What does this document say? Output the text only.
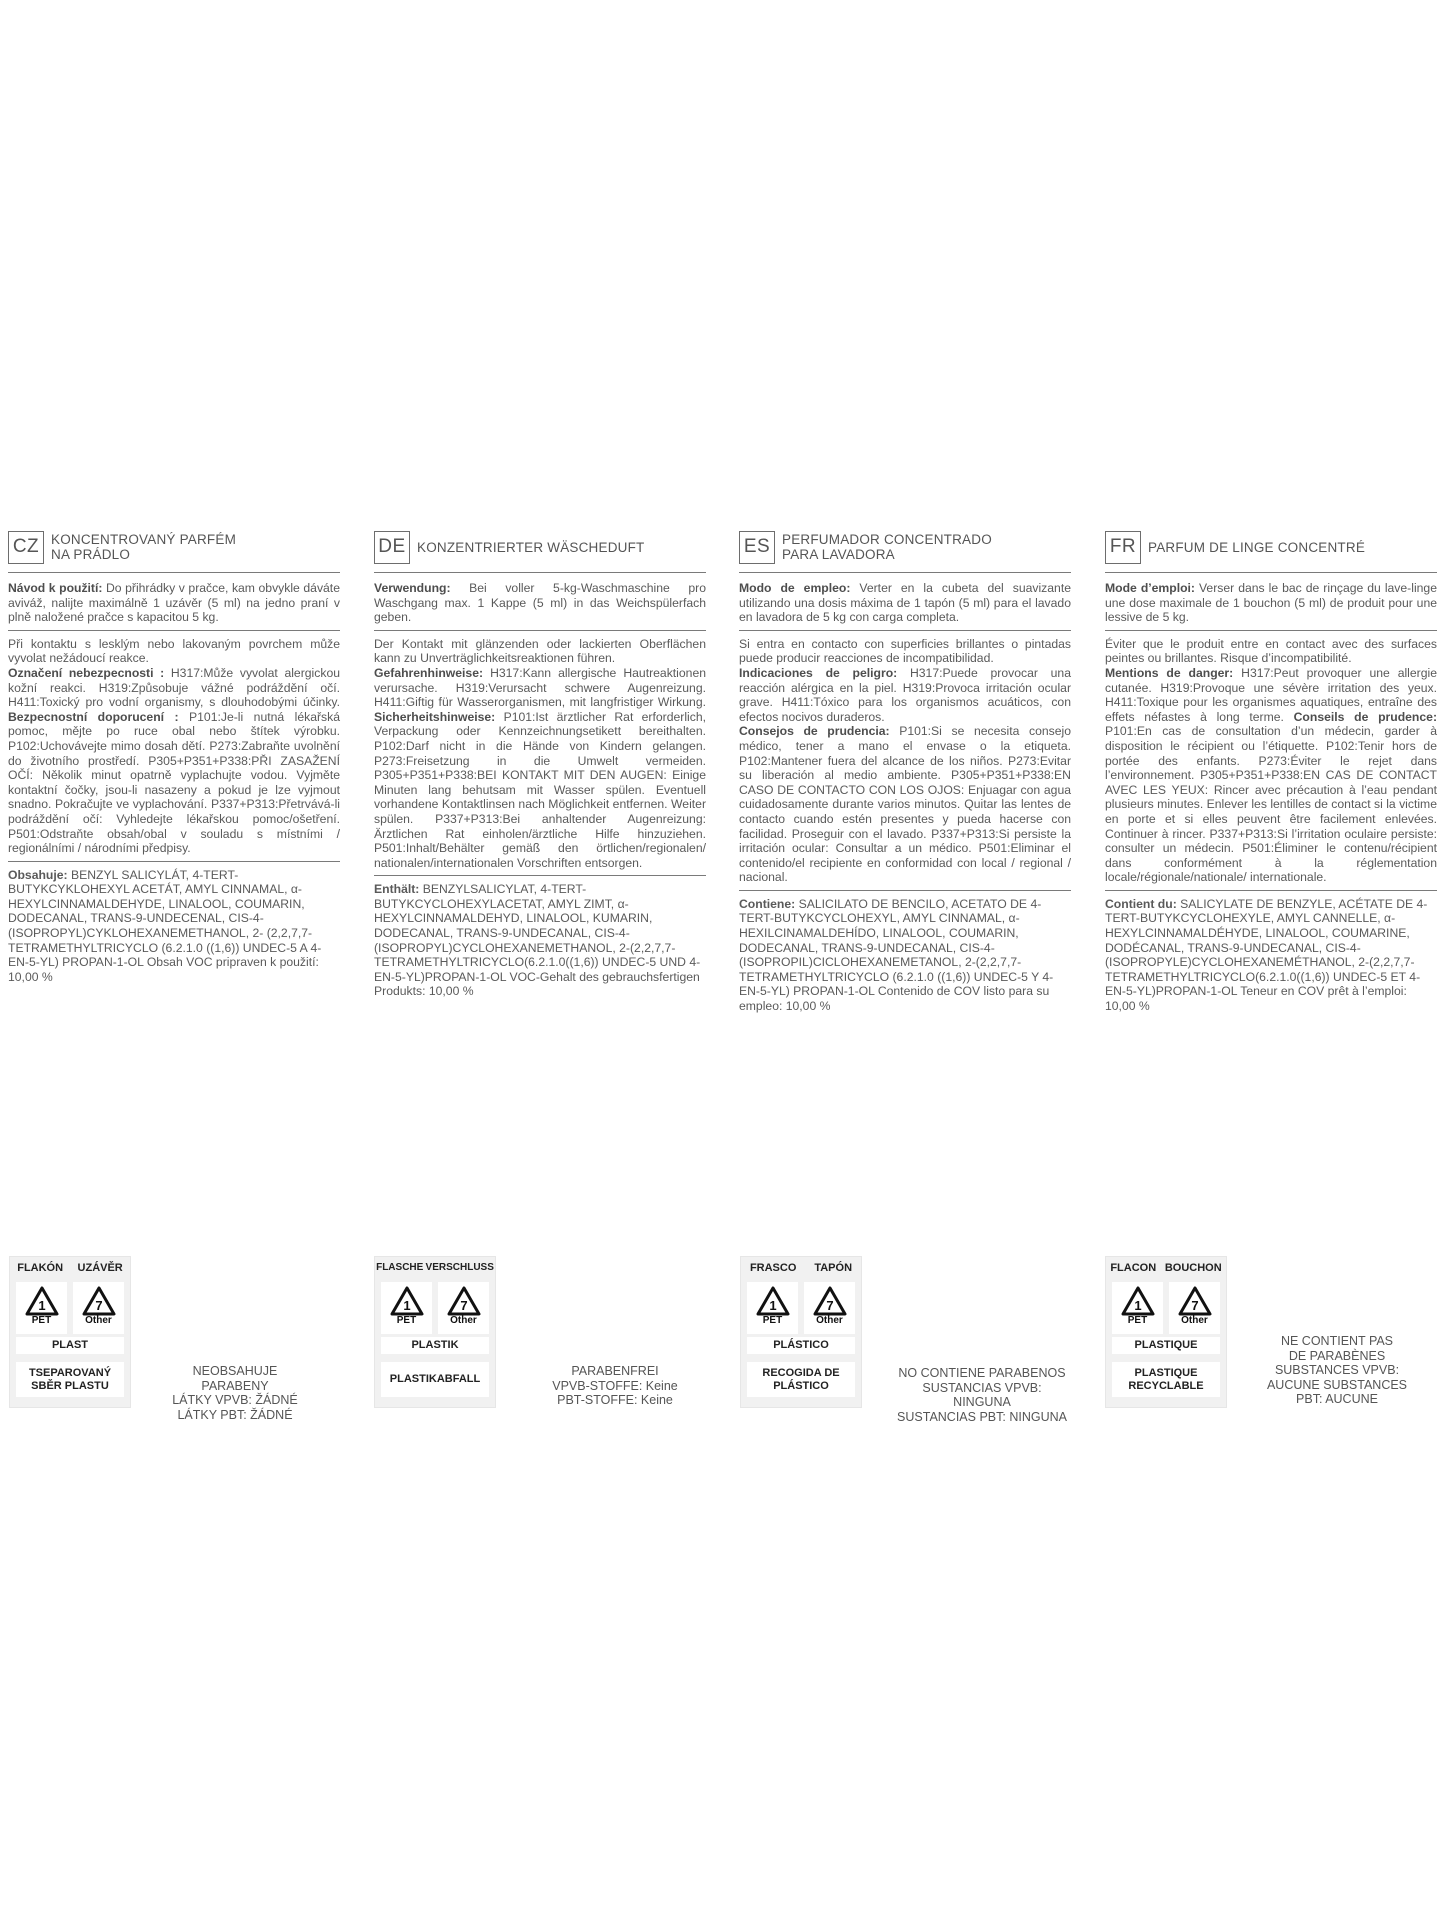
CZ KONCENTROVANÝ PARFÉM
NA PRÁDLO

Návod k použití: Do přihrádky v pračce, kam obvykle dáváte aviváž, nalijte maximálně 1 uzávěr (5 ml) na jedno praní v plně naložené pračce s kapacitou 5 kg.

Při kontaktu s lesklým nebo lakovaným povrchem může vyvolat nežádoucí reakce.
Označení nebezpecnosti : H317:Může vyvolat alergickou kožní reakci. H319:Způsobuje vážné podráždění očí. H411:Toxický pro vodní organismy, s dlouhodobými účinky. Bezpecnostní doporucení : P101:Je-li nutná lékařská pomoc, mějte po ruce obal nebo štítek výrobku. P102:Uchovávejte mimo dosah dětí. P273:Zabraňte uvolnění do životního prostředí. P305+P351+P338:PŘI ZASAŽENÍ OČÍ: Několik minut opatrně vyplachujte vodou. Vyjměte kontaktní čočky, jsou-li nasazeny a pokud je lze vyjmout snadno. Pokračujte ve vyplachování. P337+P313:Přetrvává-li podráždění očí: Vyhledejte lékařskou pomoc/ošetření. P501:Odstraňte obsah/obal v souladu s místními / regionálními / národními předpisy.

Obsahuje: BENZYL SALICYLÁT, 4-TERT-BUTYKCYKLOHEXYL ACETÁT, AMYL CINNAMAL, α-HEXYLCINNAMALDEHYDE, LINALOOL, COUMARIN, DODECANAL, TRANS-9-UNDECENAL, CIS-4-(ISOPROPYL)CYKLOHEXANEMETHANOL, 2- (2,2,7,7-TETRAMETHYLTRICYCLO (6.2.1.0 ((1,6)) UNDEC-5 A 4-EN-5-YL) PROPAN-1-OL Obsah VOC pripraven k použití: 10,00 %

DE KONZENTRIERTER WÄSCHEDUFT

Verwendung: Bei voller 5-kg-Waschmaschine pro Waschgang max. 1 Kappe (5 ml) in das Weichspülerfach geben.

Der Kontakt mit glänzenden oder lackierten Oberflächen kann zu Unverträglichkeitsreaktionen führen.
Gefahrenhinweise: H317:Kann allergische Hautreaktionen verursache. H319:Verursacht schwere Augenreizung. H411:Giftig für Wasserorganismen, mit langfristiger Wirkung. Sicherheitshinweise: P101:Ist ärztlicher Rat erforderlich, Verpackung oder Kennzeichnungsetikett bereithalten. P102:Darf nicht in die Hände von Kindern gelangen. P273:Freisetzung in die Umwelt vermeiden. P305+P351+P338:BEI KONTAKT MIT DEN AUGEN: Einige Minuten lang behutsam mit Wasser spülen. Eventuell vorhandene Kontaktlinsen nach Möglichkeit entfernen. Weiter spülen. P337+P313:Bei anhaltender Augenreizung: Ärztlichen Rat einholen/ärztliche Hilfe hinzuziehen. P501:Inhalt/Behälter gemäß den örtlichen/regionalen/ nationalen/internationalen Vorschriften entsorgen.

Enthält: BENZYLSALICYLAT, 4-TERT-BUTYKCYCLOHEXYLACETAT, AMYL ZIMT, α-HEXYLCINNAMALDEHYD, LINALOOL, KUMARIN, DODECANAL, TRANS-9-UNDECANAL, CIS-4-(ISOPROPYL)CYCLOHEXANEMETHANOL, 2-(2,2,7,7-TETRAMETHYLTRICYCLO(6.2.1.0((1,6)) UNDEC-5 UND 4-EN-5-YL)PROPAN-1-OL VOC-Gehalt des gebrauchsfertigen Produkts: 10,00 %

ES PERFUMADOR CONCENTRADO
PARA LAVADORA

Modo de empleo: Verter en la cubeta del suavizante utilizando una dosis máxima de 1 tapón (5 ml) para el lavado en lavadora de 5 kg con carga completa.

Si entra en contacto con superficies brillantes o pintadas puede producir reacciones de incompatibilidad.
Indicaciones de peligro: H317:Puede provocar una reacción alérgica en la piel. H319:Provoca irritación ocular grave. H411:Tóxico para los organismos acuáticos, con efectos nocivos duraderos.
Consejos de prudencia: P101:Si se necesita consejo médico, tener a mano el envase o la etiqueta. P102:Mantener fuera del alcance de los niños. P273:Evitar su liberación al medio ambiente. P305+P351+P338:EN CASO DE CONTACTO CON LOS OJOS: Enjuagar con agua cuidadosamente durante varios minutos. Quitar las lentes de contacto cuando estén presentes y pueda hacerse con facilidad. Proseguir con el lavado. P337+P313:Si persiste la irritación ocular: Consultar a un médico. P501:Eliminar el contenido/el recipiente en conformidad con local / regional / nacional.

Contiene: SALICILATO DE BENCILO, ACETATO DE 4-TERT-BUTYKCYCLOHEXYL, AMYL CINNAMAL, α-HEXILCINAMALDEHÍDO, LINALOOL, COUMARIN, DODECANAL, TRANS-9-UNDECANAL, CIS-4-(ISOPROPIL)CICLOHEXANEMETANOL, 2-(2,2,7,7-TETRAMETHYLTRICYCLO (6.2.1.0 ((1,6)) UNDEC-5 Y 4-EN-5-YL) PROPAN-1-OL Contenido de COV listo para su empleo: 10,00 %

FR PARFUM DE LINGE CONCENTRÉ

Mode d’emploi: Verser dans le bac de rinçage du lave-linge une dose maximale de 1 bouchon (5 ml) de produit pour une lessive de 5 kg.

Éviter que le produit entre en contact avec des surfaces peintes ou brillantes. Risque d’incompatibilité.
Mentions de danger: H317:Peut provoquer une allergie cutanée. H319:Provoque une sévère irritation des yeux. H411:Toxique pour les organismes aquatiques, entraîne des effets néfastes à long terme. Conseils de prudence: P101:En cas de consultation d’un médecin, garder à disposition le récipient ou l’étiquette. P102:Tenir hors de portée des enfants. P273:Éviter le rejet dans l’environnement. P305+P351+P338:EN CAS DE CONTACT AVEC LES YEUX: Rincer avec précaution à l’eau pendant plusieurs minutes. Enlever les lentilles de contact si la victime en porte et si elles peuvent être facilement enlevées. Continuer à rincer. P337+P313:Si l’irritation oculaire persiste: consulter un médecin. P501:Éliminer le contenu/récipient dans conformément à la réglementation locale/régionale/nationale/ internationale.

Contient du: SALICYLATE DE BENZYLE, ACÉTATE DE 4-TERT-BUTYKCYCLOHEXYLE, AMYL CANNELLE, α-HEXYLCINNAMALDÉHYDE, LINALOOL, COUMARINE, DODÉCANAL, TRANS-9-UNDECANAL, CIS-4-(ISOPROPYLE)CYCLOHEXANEMÉTHANOL, 2-(2,2,7,7-TETRAMETHYLTRICYCLO(6.2.1.0((1,6)) UNDEC-5 ET 4-EN-5-YL)PROPAN-1-OL Teneur en COV prêt à l’emploi: 10,00 %

FLAKÓN UZÁVĚR
1
PET
7
Other
PLAST
TSEPAROVANÝ
SBĚR PLASTU
NEOBSAHUJE PARABENY
LÁTKY VPVB: ŽÁDNÉ
LÁTKY PBT: ŽÁDNÉ
FLASCHE VERSCHLUSS
1
PET
7
Other
PLASTIK
PLASTIKABFALL
PARABENFREI
VPVB-STOFFE: Keine
PBT-STOFFE: Keine
FRASCO TAPÓN
1
PET
7
Other
PLÁSTICO
RECOGIDA DE
PLÁSTICO
NO CONTIENE PARABENOS
SUSTANCIAS VPVB: NINGUNA
SUSTANCIAS PBT: NINGUNA
FLACON BOUCHON
1
PET
7
Other
PLASTIQUE
PLASTIQUE
RECYCLABLE
NE CONTIENT PAS
DE PARABÈNES
SUBSTANCES VPVB:
AUCUNE SUBSTANCES
PBT: AUCUNE
